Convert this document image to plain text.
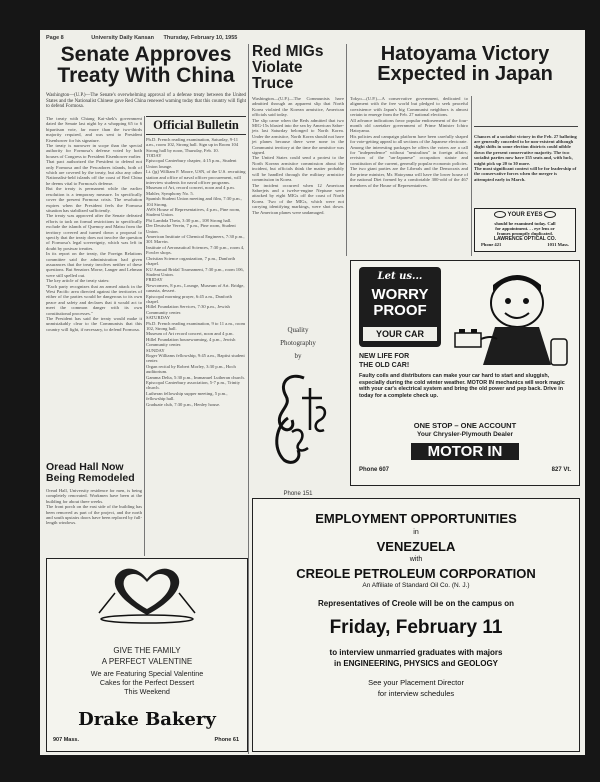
Page 8	University Daily Kansan Thursday, February 10, 1955
Senate Approves Treaty With China

Washington—(U.P.)—The Senate's overwhelming approval of a defense treaty between the United States and the Nationalist Chinese gave Red China renewed warning today that this country will fight to defend Formosa.

The treaty with Chiang Kai-shek's government dated the Senate last night by a whopping 65 to 6 bipartisan vote, far more than the two-thirds majority required, and was sent to President Eisenhower for his signature.
The treaty is narrower in scope than the special authority for Formosa's defense voted by both houses of Congress to President Eisenhower earlier.
That pact authorized the President to defend not only Formosa and the Pescadores islands, both of which are covered by the treaty, but also any other Nationalist-held islands off the coast of Red China he deems vital to Formosa's defense.
But the treaty is permanent while the earlier resolution is a temporary measure. In specifically cover the present Formosa crisis. The resolution expires when the President feels the Formosa situation has stabilized sufficiently.
The treaty was approved after the Senate defeated efforts to tack on formal restrictions to specifically exclude the islands of Quemoy and Matsu from the territory covered and turned down a proposal to specify that the treaty does not involve the question of Formosa's legal sovereignty, which was left in doubt by postwar treaties.
In its report on the treaty, the Foreign Relations committee said the administration had given assurances that the treaty involves neither of these questions. But Senators Morse, Langer and Lehman were still spelled out.
The key article of the treaty states:
"Each party recognizes that an armed attack in the West Pacific area directed against the territories of either of the parties would be dangerous to its own peace and safety and declares that it would act to meet the common danger with its own constitutional processes."
The President has said the treaty would make it unmistakably clear to the Communists that this country will fight, if necessary, to defend Formosa.

Official Bulletin

Ph.D. French reading examination, Saturday, 9-11 a.m., room 102, Strong hall. Sign up in Room 104 Strong hall by noon, Thursday, Feb. 10.
TODAY
Episcopal Canterbury chapter, 4:15 p.m., Student Union lounge.
Lt. (jg) William F. Moore, USN, of the U.S. recruiting station and office of naval officer procurement, will interview students for naval officer programs.
Museum of Art, record concert, noon and 4 p.m. Mahler, Symphony No. 5.
Spanish Student Union meeting and film, 7:30 p.m., 104 Strong.
AWS House of Representatives, 4 p.m., Pine room, Student Union.
Phi Lambda Theta, 3:30 p.m., 108 Strong hall.
Der Deutsche Verein, 7 p.m., Pine room, Student Union.
American Institute of Chemical Engineers, 7:30 p.m., 301 Marvin.
Institute of Aeronautical Sciences, 7:30 p.m., room 4, Fowler shops.
Christian Science organization, 7 p.m., Danforth chapel.
KU Annual Bridal Tournament, 7:30 p.m., room 106, Student Union.
FRIDAY
Newcomers, 8 p.m., Lounge, Museum of Art. Bridge, canasta, dessert.
Episcopal morning prayer, 6:45 a.m., Danforth chapel.
Hillel Foundation Services, 7:30 p.m., Jewish Community center.
SATURDAY
Ph.D. French reading examination, 9 to 11 a.m., room 102, Strong hall.
Museum of Art record concert, noon and 4 p.m.
Hillel Foundation housewarming, 4 p.m., Jewish Community center.
SUNDAY
Roger Williams fellowship, 9:45 a.m., Baptist student center.
Organ recital by Robert Morley, 3:30 p.m., Hoch auditorium.
Gamma Delta, 5:30 p.m., Immanuel Lutheran church.
Episcopal Canterbury association, 5-7 p.m., Trinity church.
Lutheran fellowship supper meeting, 5 p.m., fellowship hall.
Graduate club, 7:30 p.m., Henley house.

Oread Hall Now Being Remodeled

Oread Hall, University residence for men, is being completely renovated. Workmen have been at the building for about three weeks.
The front porch on the east side of the building has been removed as part of the project, and the north and south upstairs doors have been replaced by full-length windows.

Red MIGs Violate Truce

Washington—(U.P.)—The Communists have admitted through an apparent slip that North Korea violated the Korean armistice, American officials said today.
The slip came when the Reds admitted that two MIG-15s blasted into the sea by American Sabre-jets last Saturday belonged to North Korea. Under the armistice, North Korea should not have jet planes because there were none in the Communist territory at the time the armistice was signed.
The United States could send a protest to the North Korean armistice commission about the incident, but officials think the matter probably will be handled through the military armistice commission in Korea.
The incident occurred when 12 American Sabrejets and a twelve-engine Neptune were attacked by eight MIGs off the coast of North Korea. Two of the MIGs, which were not carrying identifying markings, were shot down. The American planes were undamaged.

Hatoyama Victory Expected in Japan

Tokyo—(U.P.)—A conservative government, dedicated to alignment with the free world but pledged to seek peaceful coexistence with Japan's big Communist neighbors is almost certain to emerge from the Feb. 27 national elections.
All advance indications favor popular endorsement of the four-month old caretaker government of Prime Minister Ichiro Hatoyama.
His policies and campaign platform have been carefully shaped for vote-getting appeal to all sections of the Japanese electorate.
Among the interesting packages he offers the voters are a call for "independence" without "neutralism" in foreign affairs; revision of the "un-Japanese" occupation statute and constitution of the current, generally popular economic policies.
The two giant parties are the Liberals and the Democrats and the prime minister, Mr. Hatoyama will have the lower house of the national Diet formed by a comfortable 300-odd of the 467 members of the House of Representatives.

Chances of a socialist victory in the Feb. 27 balloting are generally conceded to be non-existent although slight shifts in some election districts could nibble down the present conservative majority. The two socialist parties now have 155 seats and, with luck, might pick up 20 to 30 more.
The most significant contest will be for leadership of the conservative forces when the merger is attempted early in March.

YOUR EYES
should be examined today. Call
for appointment. . . eye lens or
frames promptly duplicated.
LAWRENCE OPTICAL CO.
Phone 421	1031 Mass.
Quality
Photography
by
Phone 151
Let us...
WORRY
PROOF
YOUR CAR
NEW LIFE FOR
THE OLD CAR!

Faulty coils and distributors can make your car hard to start and sluggish, especially during the cold winter weather. MOTOR IN mechanics will work magic with your car's electrical system and bring the old power and pep back. Drive in today for a complete check up.

ONE STOP – ONE ACCOUNT
Your Chrysler-Plymouth Dealer
MOTOR IN
Phone 607	827 Vt.
GIVE THE FAMILY
A PERFECT VALENTINE
We are Featuring Special Valentine
Cakes for the Perfect Dessert
This Weekend
Drake Bakery
907 Mass.	Phone 61
EMPLOYMENT OPPORTUNITIES
in
VENEZUELA
with
CREOLE PETROLEUM CORPORATION
An Affiliate of Standard Oil Co. (N. J.)
Representatives of Creole will be on the campus on
Friday, February 11
to interview unmarried graduates with majors
in ENGINEERING, PHYSICS and GEOLOGY
See your Placement Director
for interview schedules
